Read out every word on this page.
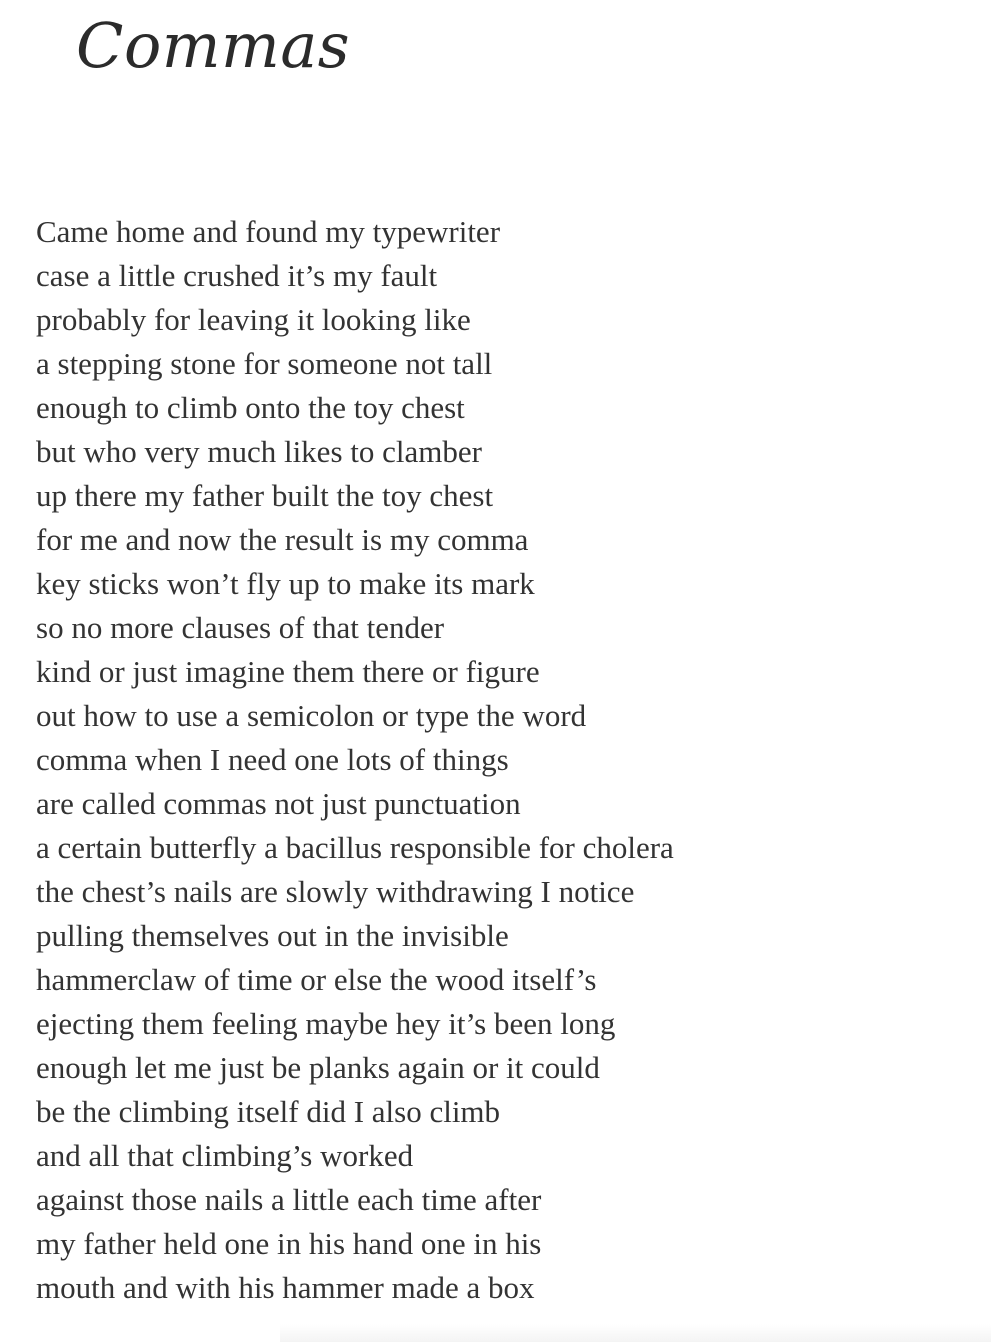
Commas
Came home and found my typewriter
case a little crushed it’s my fault
probably for leaving it looking like
a stepping stone for someone not tall
enough to climb onto the toy chest
but who very much likes to clamber
up there my father built the toy chest
for me and now the result is my comma
key sticks won’t fly up to make its mark
so no more clauses of that tender
kind or just imagine them there or figure
out how to use a semicolon or type the word
comma when I need one lots of things
are called commas not just punctuation
a certain butterfly a bacillus responsible for cholera
the chest’s nails are slowly withdrawing I notice
pulling themselves out in the invisible
hammerclaw of time or else the wood itself’s
ejecting them feeling maybe hey it’s been long
enough let me just be planks again or it could
be the climbing itself did I also climb
and all that climbing’s worked
against those nails a little each time after
my father held one in his hand one in his
mouth and with his hammer made a box
